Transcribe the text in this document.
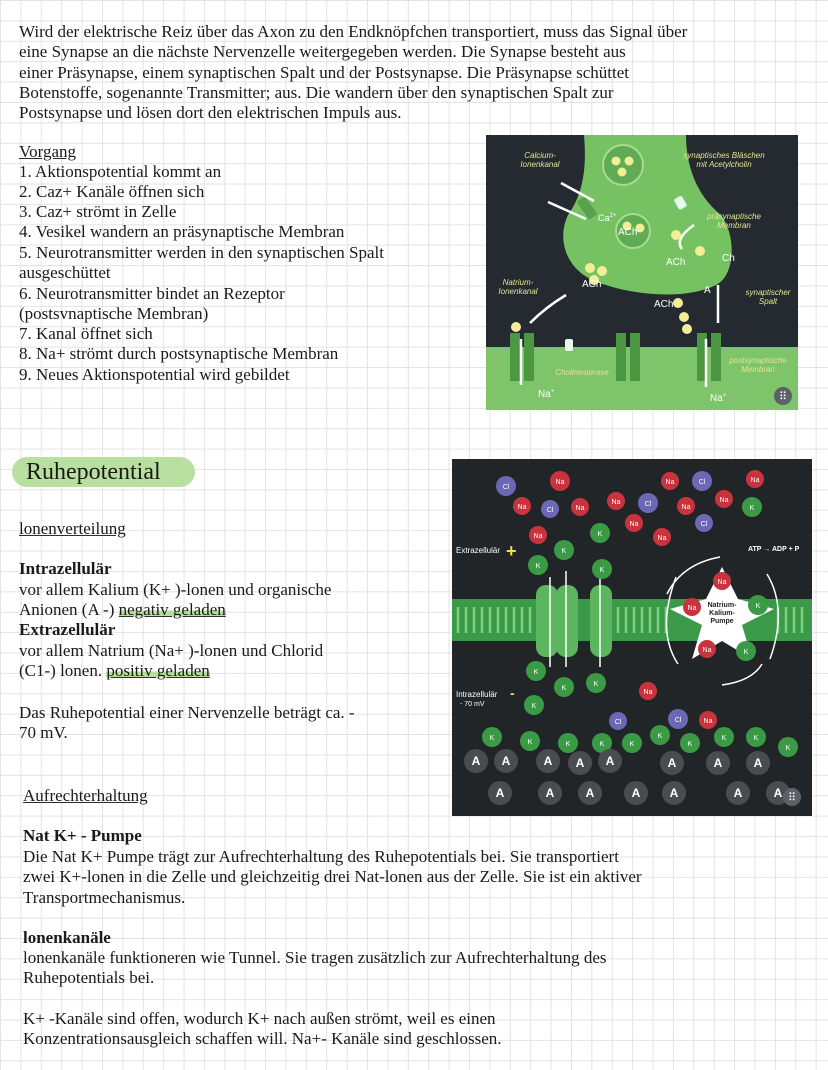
Wird der elektrische Reiz über das Axon zu den Endknöpfchen transportiert, muss das Signal über
eine Synapse an die nächste Nervenzelle weitergegeben werden. Die Synapse besteht aus
einer Präsynapse, einem synaptischen Spalt und der Postsynapse. Die Präsynapse schüttet
Botenstoffe, sogenannte Transmitter; aus. Die wandern über den synaptischen Spalt zur
Postsynapse und lösen dort den elektrischen Impuls aus.
Vorgang
1. Aktionspotential kommt an
2. Caz+ Kanäle öffnen sich
3. Caz+ strömt in Zelle
4. Vesikel wandern an präsynaptische Membran
5. Neurotransmitter werden in den synaptischen Spalt
ausgeschüttet
6. Neurotransmitter bindet an Rezeptor
(postsvnaptische Membran)
7. Kanal öffnet sich
8. Na+ strömt durch postsynaptische Membran
9. Neues Aktionspotential wird gebildet
Calcium-Ionenkanal
synaptisches Bläschen mit Acetylcholin
präsynaptische Membran
Natrium-Ionenkanal	synaptischer Spalt
postsynaptische Membran
Cholinesterase
$Ca^{2+}$
ACh
ACh
ACh
ACh
Ch
A
Na+
Na+	⠿
Ruhepotential
lonenverteilung
Intrazellulär
vor allem Kalium (K+ )-lonen und organische
Anionen (A -) negativ geladen
Extrazellulär
vor allem Natrium (Na+ )-lonen und Chlorid
(C1-) lonen. positiv geladen
Das Ruhepotential einer Nervenzelle beträgt ca. -
70 mV.
Natrium-Kalium-Pumpe
Na
Na	Na
Na
Na
Na
Na
Na
Na
Na
Na
Na
Na
Na
Na
Na
Cl
Cl
Cl
Cl
Cl
Cl	Cl
K
K
K
K
K
K
K
K
K
K
K
K
K	K	K	K
K
K
K	K
K
A A	A A A	A	A	A
A	A	A	A A	A	A
Extrazellulär +	ATP → ADP + P
Intrazellulär -
- 70 mV
⠿
Aufrechterhaltung
Nat K+ - Pumpe
Die Nat K+ Pumpe trägt zur Aufrechterhaltung des Ruhepotentials bei. Sie transportiert
zwei K+-lonen in die Zelle und gleichzeitig drei Nat-lonen aus der Zelle. Sie ist ein aktiver
Transportmechanismus.
lonenkanäle
lonenkanäle funktioneren wie Tunnel. Sie tragen zusätzlich zur Aufrechterhaltung des
Ruhepotentials bei.
K+ -Kanäle sind offen, wodurch K+ nach außen strömt, weil es einen
Konzentrationsausgleich schaffen will. Na+- Kanäle sind geschlossen.
